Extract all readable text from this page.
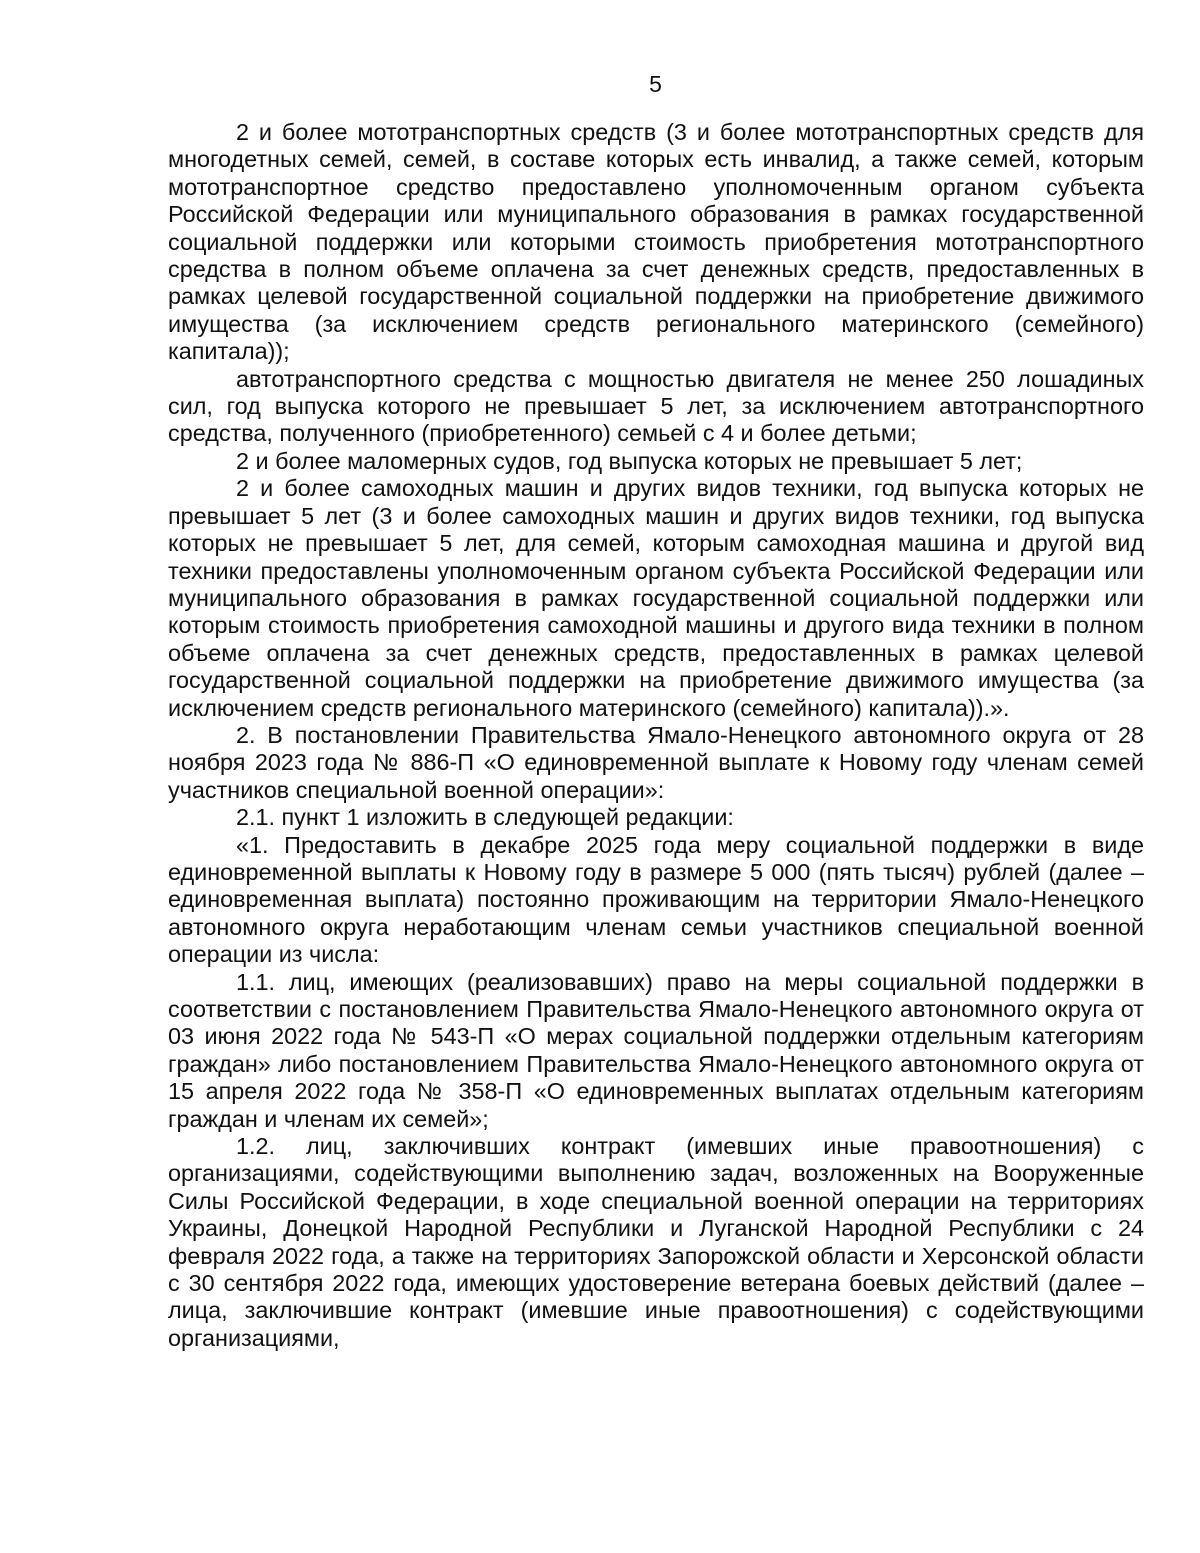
5

2 и более мототранспортных средств (3 и более мототранспортных средств для многодетных семей, семей, в составе которых есть инвалид, а также семей, которым мототранспортное средство предоставлено уполномоченным органом субъекта Российской Федерации или муниципального образования в рамках государственной социальной поддержки или которыми стоимость приобретения мототранспортного средства в полном объеме оплачена за счет денежных средств, предоставленных в рамках целевой государственной социальной поддержки на приобретение движимого имущества (за исключением средств регионального материнского (семейного) капитала));

автотранспортного средства с мощностью двигателя не менее 250 лошадиных сил, год выпуска которого не превышает 5 лет, за исключением автотранспортного средства, полученного (приобретенного) семьей с 4 и более детьми;

2 и более маломерных судов, год выпуска которых не превышает 5 лет;

2 и более самоходных машин и других видов техники, год выпуска которых не превышает 5 лет (3 и более самоходных машин и других видов техники, год выпуска которых не превышает 5 лет, для семей, которым самоходная машина и другой вид техники предоставлены уполномоченным органом субъекта Российской Федерации или муниципального образования в рамках государственной социальной поддержки или которым стоимость приобретения самоходной машины и другого вида техники в полном объеме оплачена за счет денежных средств, предоставленных в рамках целевой государственной социальной поддержки на приобретение движимого имущества (за исключением средств регионального материнского (семейного) капитала)).».

2. В постановлении Правительства Ямало-Ненецкого автономного округа от 28 ноября 2023 года № 886-П «О единовременной выплате к Новому году членам семей участников специальной военной операции»:

2.1. пункт 1 изложить в следующей редакции:

«1. Предоставить в декабре 2025 года меру социальной поддержки в виде единовременной выплаты к Новому году в размере 5 000 (пять тысяч) рублей (далее – единовременная выплата) постоянно проживающим на территории Ямало-Ненецкого автономного округа неработающим членам семьи участников специальной военной операции из числа:

1.1. лиц, имеющих (реализовавших) право на меры социальной поддержки в соответствии с постановлением Правительства Ямало-Ненецкого автономного округа от 03 июня 2022 года № 543-П «О мерах социальной поддержки отдельным категориям граждан» либо постановлением Правительства Ямало-Ненецкого автономного округа от 15 апреля 2022 года № 358-П «О единовременных выплатах отдельным категориям граждан и членам их семей»;

1.2. лиц, заключивших контракт (имевших иные правоотношения) с организациями, содействующими выполнению задач, возложенных на Вооруженные Силы Российской Федерации, в ходе специальной военной операции на территориях Украины, Донецкой Народной Республики и Луганской Народной Республики с 24 февраля 2022 года, а также на территориях Запорожской области и Херсонской области с 30 сентября 2022 года, имеющих удостоверение ветерана боевых действий (далее – лица, заключившие контракт (имевшие иные правоотношения) с содействующими организациями,
